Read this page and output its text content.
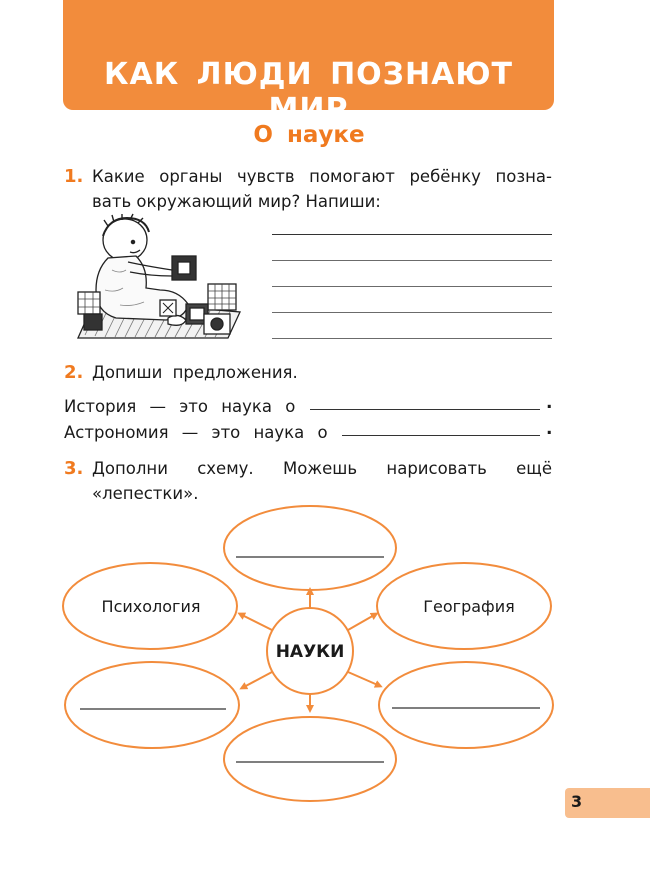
КАК ЛЮДИ ПОЗНАЮТ МИР
О науке
1. Какие органы чувств помогают ребёнку позна-
вать окружающий мир? Напиши:
2. Допиши предложения.
История — это наука о	.
Астрономия — это наука о	.
3. Дополни схему. Можешь нарисовать ещё
«лепестки».
Психология	География
НАУКИ
3
